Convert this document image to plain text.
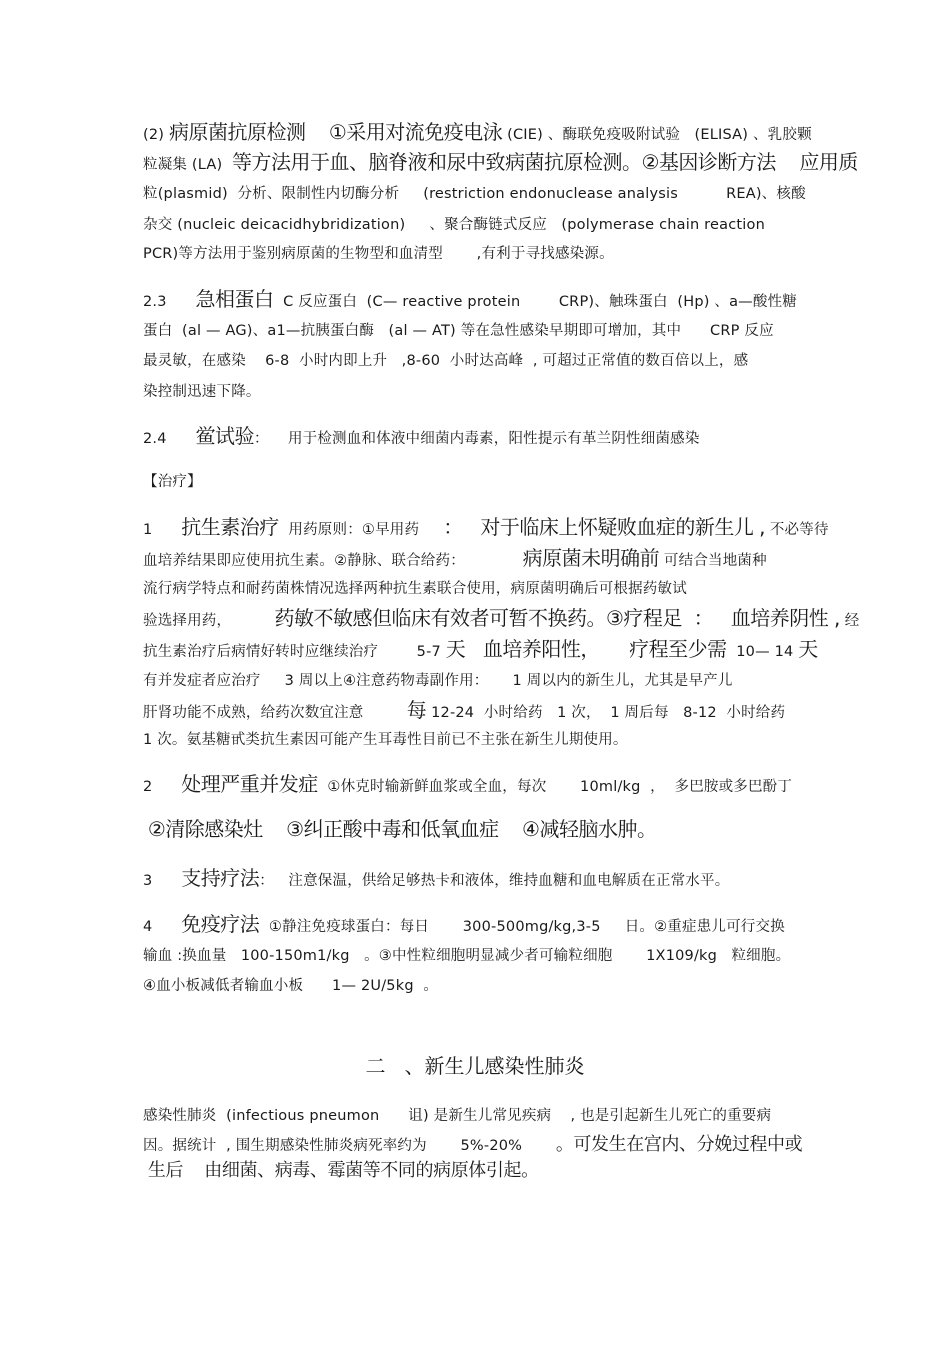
(2) 病原菌抗原检测    ①采用对流免疫电泳 (CIE) 、酶联免疫吸附试验   (ELISA) 、乳胶颗
粒凝集 (LA)  等方法用于血、脑脊液和尿中致病菌抗原检测。②基因诊断方法    应用质
粒(plasmid)  分析、限制性内切酶分析     (restriction endonuclease analysis          REA)、核酸
杂交 (nucleic deicacidhybridization)     、聚合酶链式反应   (polymerase chain reaction
PCR)等方法用于鉴别病原菌的生物型和血清型       ,有利于寻找感染源。
2.3      急相蛋白  C 反应蛋白  (C— reactive protein        CRP)、触珠蛋白  (Hp) 、a—酸性糖
蛋白  (al — AG)、a1—抗胰蛋白酶   (al — AT) 等在急性感染早期即可增加，其中      CRP 反应
最灵敏，在感染    6-8  小时内即上升   ,8-60  小时达高峰  , 可超过正常值的数百倍以上，感
染控制迅速下降。
2.4      鲎试验：    用于检测血和体液中细菌内毒素，阳性提示有革兰阴性细菌感染
【治疗】
1      抗生素治疗  用药原则：①早用药     ：   对于临床上怀疑败血症的新生儿 , 不必等待
血培养结果即应使用抗生素。②静脉、联合给药：            病原菌未明确前 可结合当地菌种
流行病学特点和耐药菌株情况选择两种抗生素联合使用，病原菌明确后可根据药敏试
验选择用药，         药敏不敏感但临床有效者可暂不换药。③疗程足  ：   血培养阴性 , 经
抗生素治疗后病情好转时应继续治疗        5-7 天   血培养阳性，     疗程至少需  10— 14 天
有并发症者应治疗     3 周以上④注意药物毒副作用：     1 周以内的新生儿，尤其是早产儿
肝肾功能不成熟，给药次数宜注意         每 12-24  小时给药   1 次，  1 周后每   8-12  小时给药
1 次。氨基糖甙类抗生素因可能产生耳毒性目前已不主张在新生儿期使用。
2      处理严重并发症  ①休克时输新鲜血浆或全血，每次       10ml/kg  ，  多巴胺或多巴酚丁
②清除感染灶    ③纠正酸中毒和低氧血症    ④减轻脑水肿。
3      支持疗法：   注意保温，供给足够热卡和液体，维持血糖和血电解质在正常水平。
4      免疫疗法  ①静注免疫球蛋白：每日       300-500mg/kg,3-5     日。②重症患儿可行交换
输血 :换血量   100-150m1/kg   。③中性粒细胞明显减少者可输粒细胞       1X109/kg   粒细胞。
④血小板减低者输血小板      1— 2U/5kg  。
感染性肺炎  (infectious pneumon      诅) 是新生儿常见疾病    , 也是引起新生儿死亡的重要病
因。据统计  , 围生期感染性肺炎病死率约为       5%-20%       。可发生在宫内、分娩过程中或
生后    由细菌、病毒、霉菌等不同的病原体引起。
二   、新生儿感染性肺炎
